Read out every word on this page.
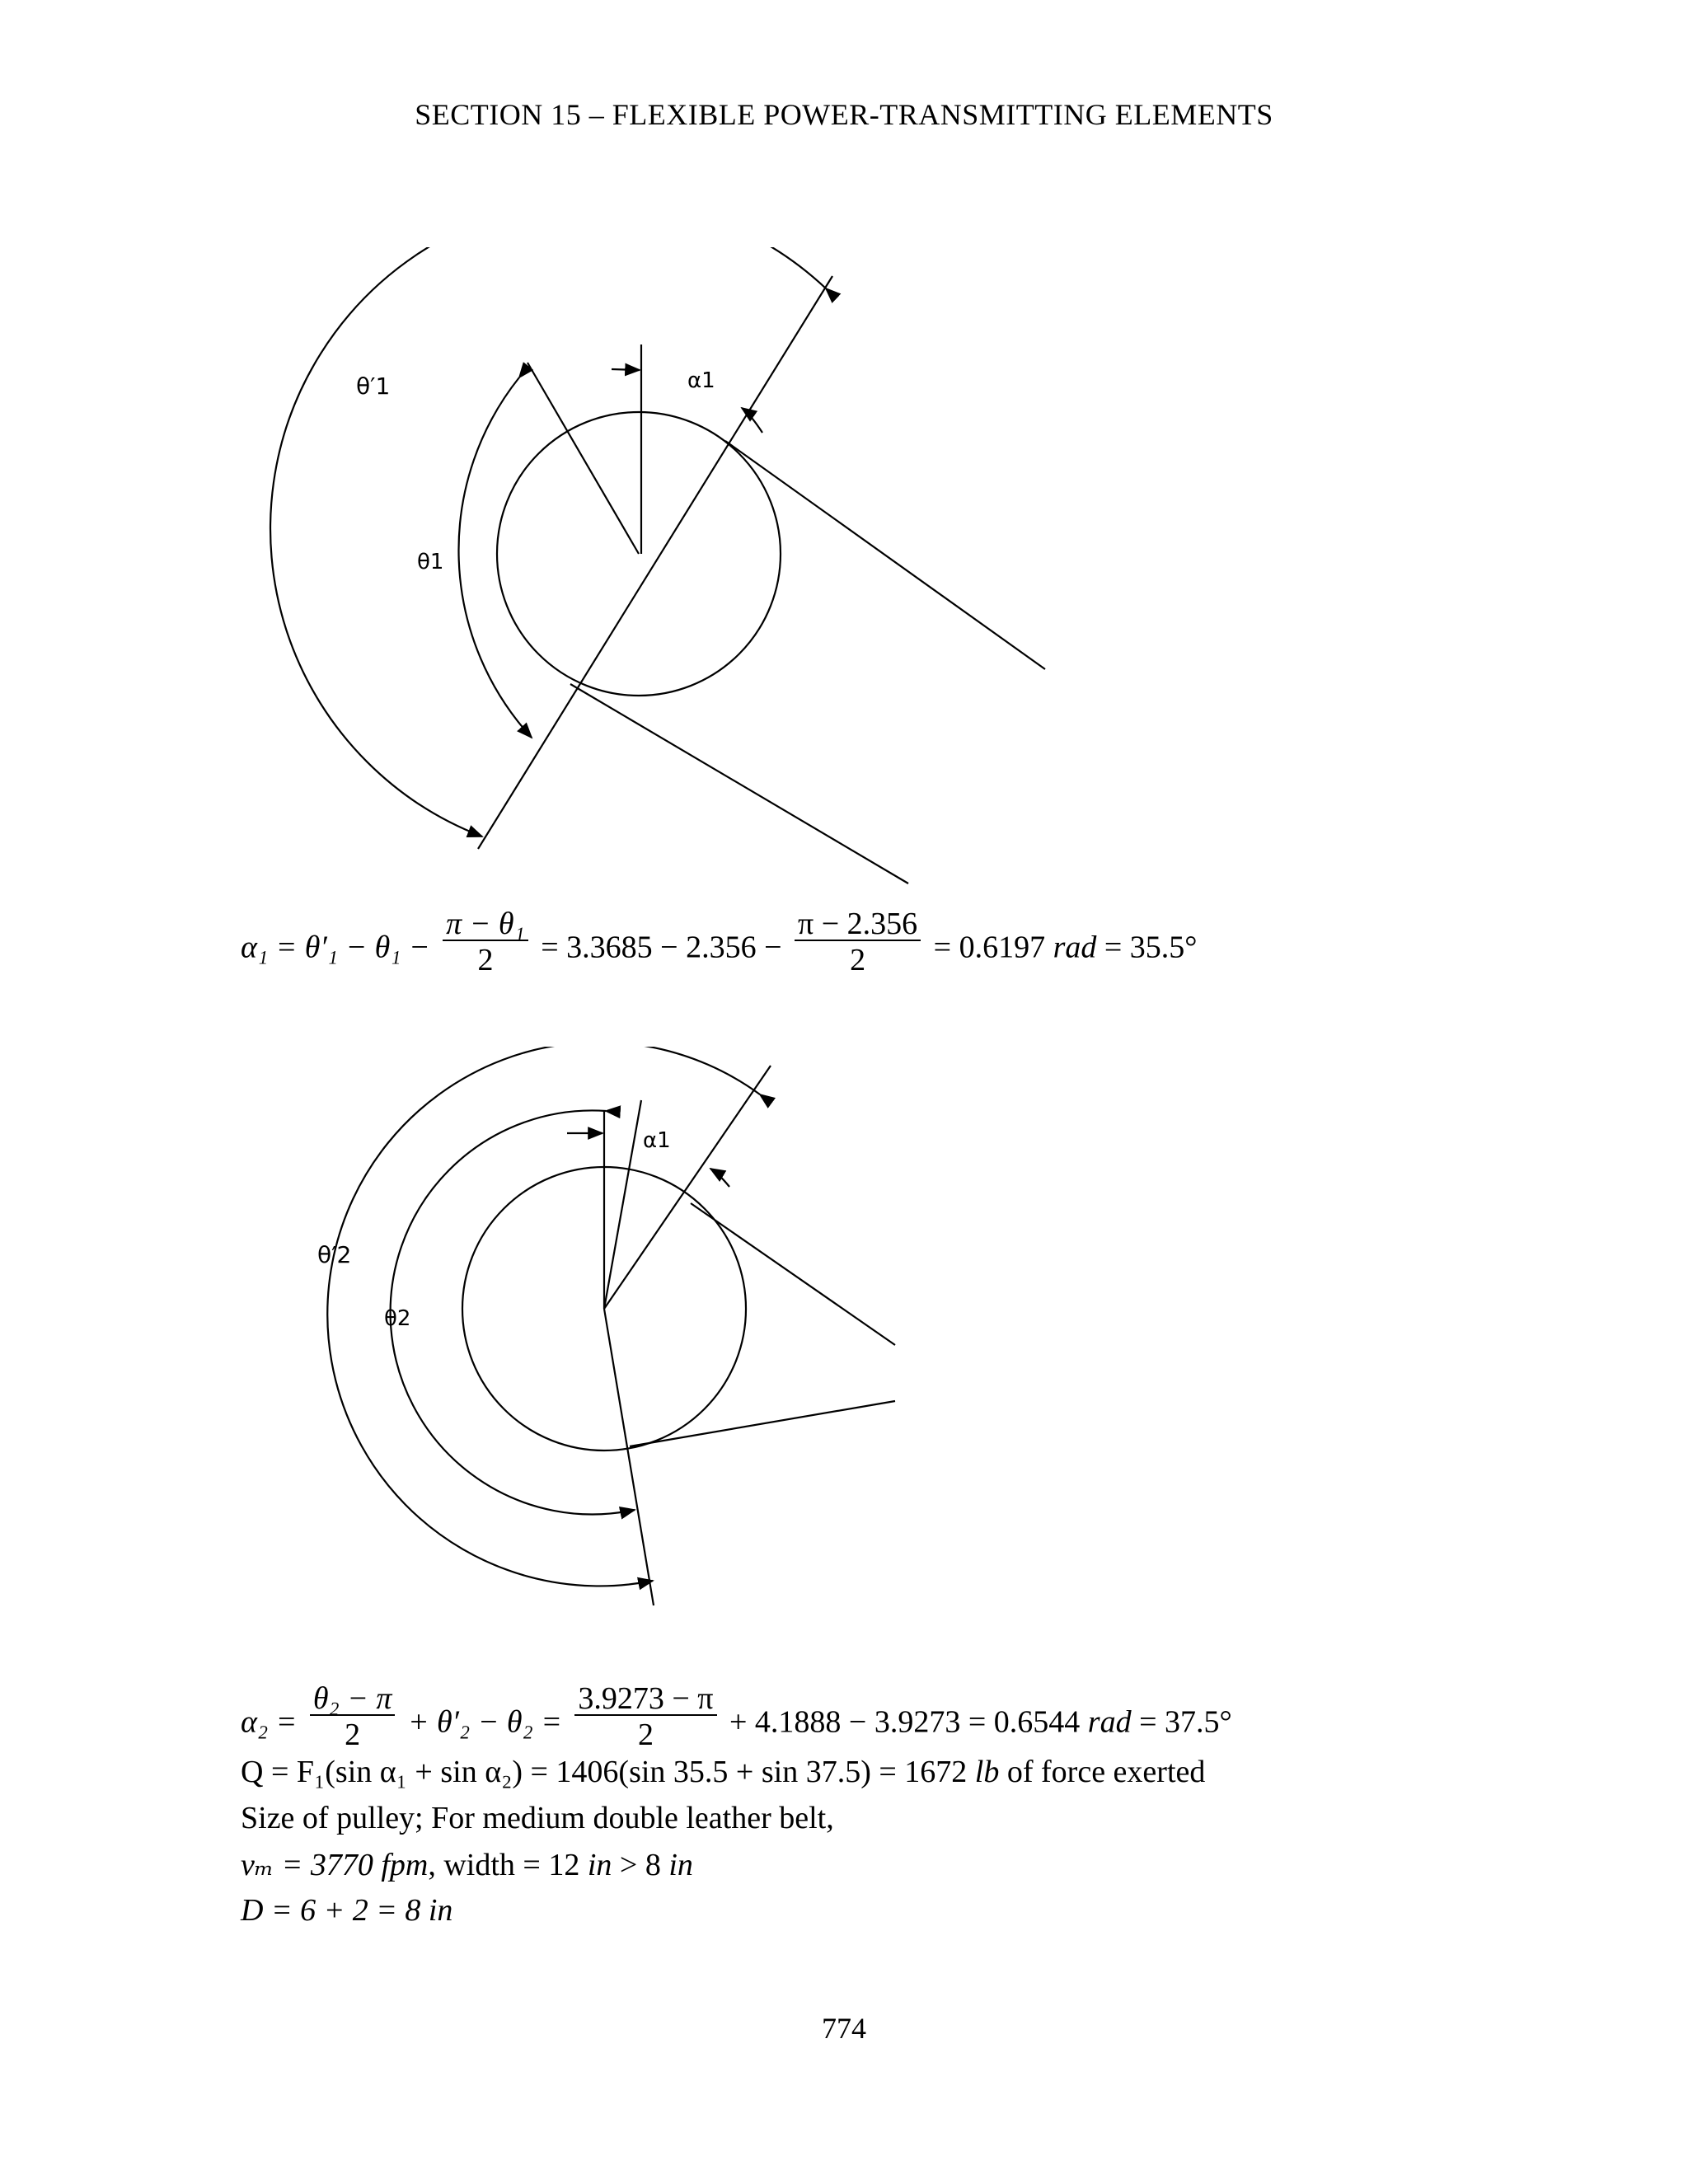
SECTION 15 – FLEXIBLE POWER-TRANSMITTING ELEMENTS
θ′1
θ1
α1
$\alpha_1 = \theta'_1 - \theta_1 - \frac{\text{π − θ₁}}{2} = 3.3685 - 2.356 - \frac{\pi - 2.356}{2} = 0.6197$ rad = 35.5°
θ′2
θ2
α1
$\alpha_2 = \frac{\text{θ₂ − π}}{2} + \theta'_2 - \theta_2 = \frac{3.9273 - \pi}{2} + 4.1888 - 3.9273 = 0.6544$ rad = 37.5°
Q = F₁(sin α₁ + sin α₂) = 1406(sin 35.5 + sin 37.5) = 1672 lb of force exerted
Size of pulley; For medium double leather belt,
vₘ = 3770 fpm, width = 12 in > 8 in
D = 6 + 2 = 8 in
774
